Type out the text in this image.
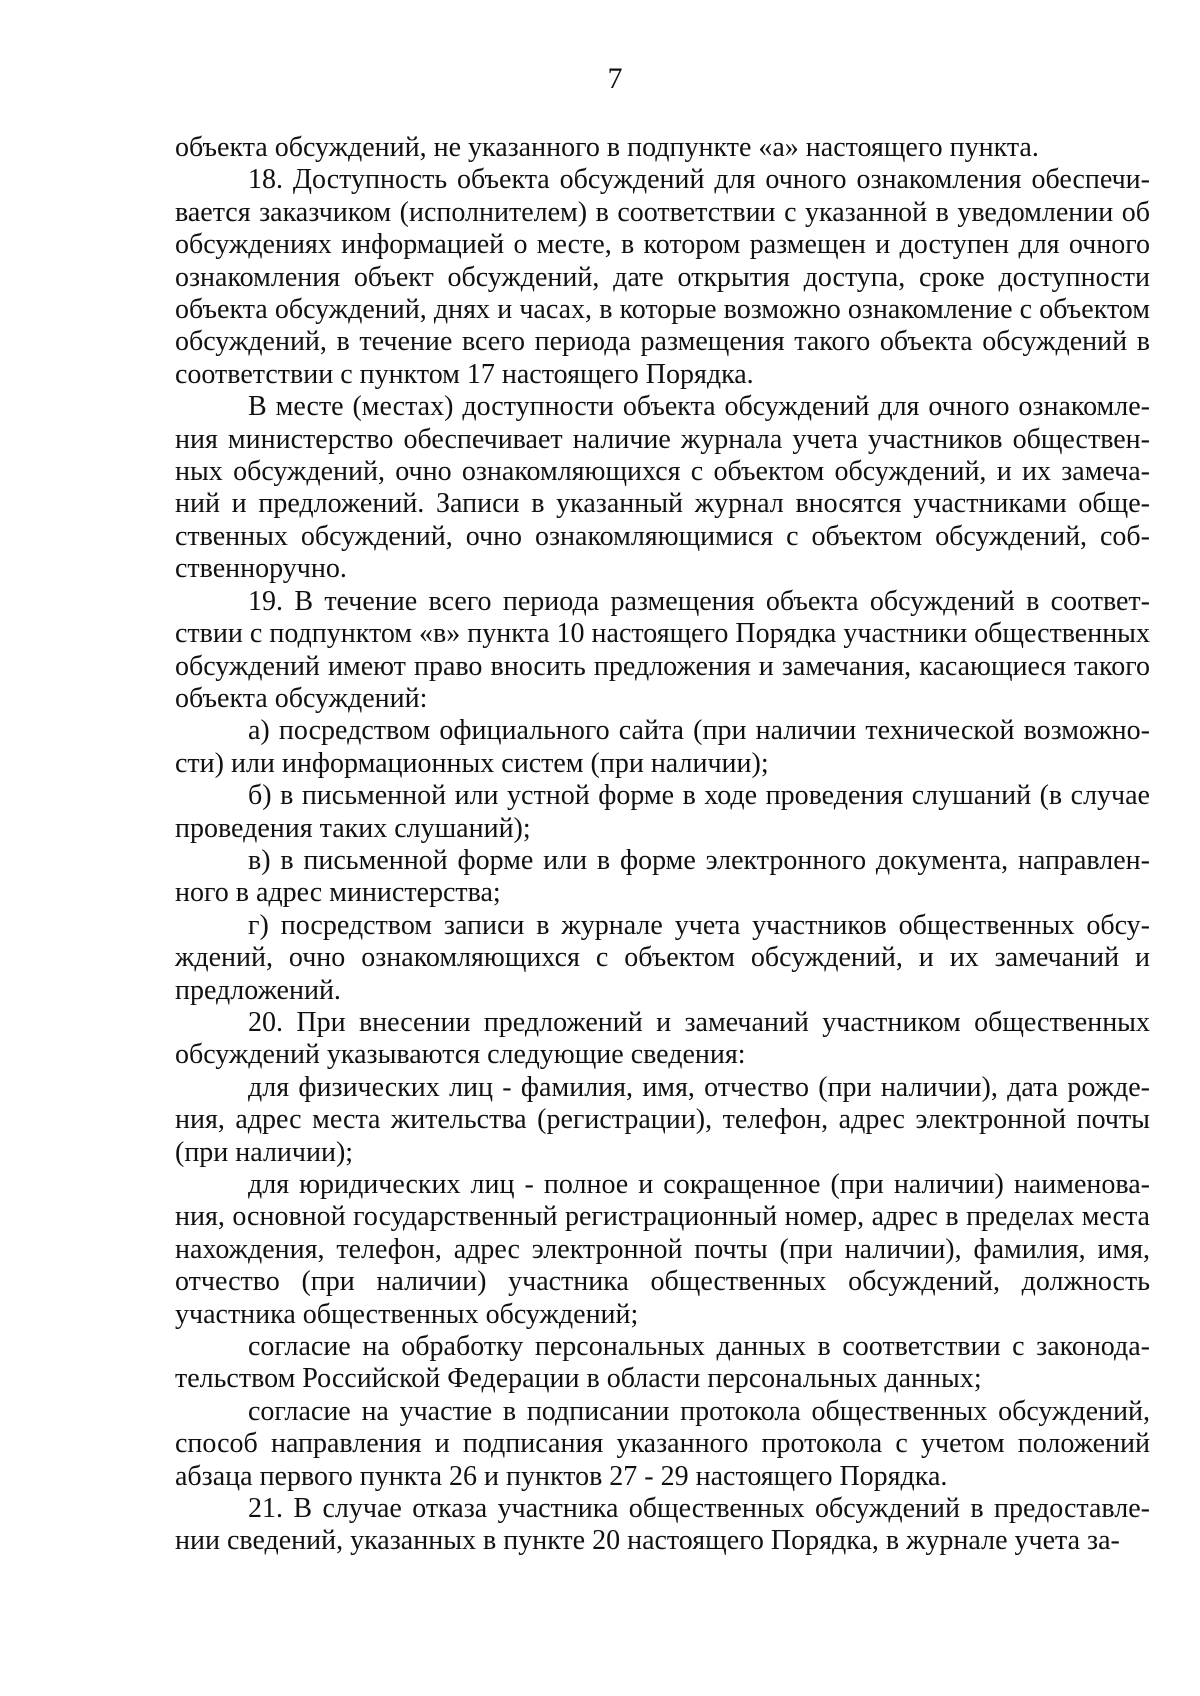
7

объекта обсуждений, не указанного в подпункте «а» настоящего пункта.

18. Доступность объекта обсуждений для очного ознакомления обеспечивается заказчиком (исполнителем) в соответствии с указанной в уведомлении об обсуждениях информацией о месте, в котором размещен и доступен для очного ознакомления объект обсуждений, дате открытия доступа, сроке доступности объекта обсуждений, днях и часах, в которые возможно ознакомление с объектом обсуждений, в течение всего периода размещения такого объекта обсуждений в соответствии с пунктом 17 настоящего Порядка.

В месте (местах) доступности объекта обсуждений для очного ознакомления министерство обеспечивает наличие журнала учета участников общественных обсуждений, очно ознакомляющихся с объектом обсуждений, и их замечаний и предложений. Записи в указанный журнал вносятся участниками общественных обсуждений, очно ознакомляющимися с объектом обсуждений, собственноручно.

19. В течение всего периода размещения объекта обсуждений в соответствии с подпунктом «в» пункта 10 настоящего Порядка участники общественных обсуждений имеют право вносить предложения и замечания, касающиеся такого объекта обсуждений:

а) посредством официального сайта (при наличии технической возможности) или информационных систем (при наличии);

б) в письменной или устной форме в ходе проведения слушаний (в случае проведения таких слушаний);

в) в письменной форме или в форме электронного документа, направленного в адрес министерства;

г) посредством записи в журнале учета участников общественных обсуждений, очно ознакомляющихся с объектом обсуждений, и их замечаний и предложений.

20. При внесении предложений и замечаний участником общественных обсуждений указываются следующие сведения:

для физических лиц - фамилия, имя, отчество (при наличии), дата рождения, адрес места жительства (регистрации), телефон, адрес электронной почты (при наличии);

для юридических лиц - полное и сокращенное (при наличии) наименования, основной государственный регистрационный номер, адрес в пределах места нахождения, телефон, адрес электронной почты (при наличии), фамилия, имя, отчество (при наличии) участника общественных обсуждений, должность участника общественных обсуждений;

согласие на обработку персональных данных в соответствии с законодательством Российской Федерации в области персональных данных;

согласие на участие в подписании протокола общественных обсуждений, способ направления и подписания указанного протокола с учетом положений абзаца первого пункта 26 и пунктов 27 - 29 настоящего Порядка.

21. В случае отказа участника общественных обсуждений в предоставлении сведений, указанных в пункте 20 настоящего Порядка, в журнале учета за-
